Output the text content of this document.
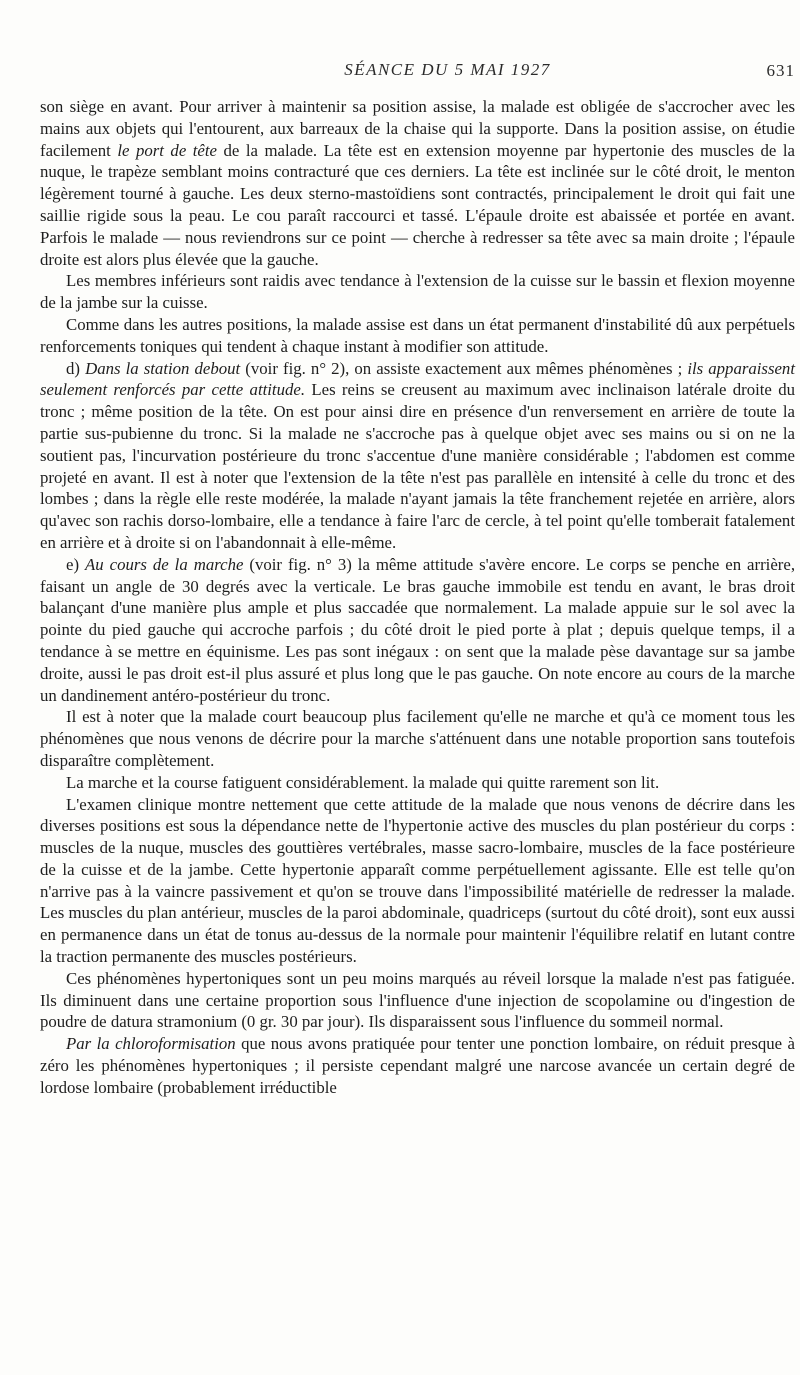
SÉANCE DU 5 MAI 1927	631

son siège en avant. Pour arriver à maintenir sa position assise, la malade est obligée de s'accrocher avec les mains aux objets qui l'entourent, aux barreaux de la chaise qui la supporte. Dans la position assise, on étudie facilement le port de tête de la malade. La tête est en extension moyenne par hypertonie des muscles de la nuque, le trapèze semblant moins contracturé que ces derniers. La tête est inclinée sur le côté droit, le menton légèrement tourné à gauche. Les deux sterno-mastoïdiens sont contractés, principalement le droit qui fait une saillie rigide sous la peau. Le cou paraît raccourci et tassé. L'épaule droite est abaissée et portée en avant. Parfois le malade — nous reviendrons sur ce point — cherche à redresser sa tête avec sa main droite ; l'épaule droite est alors plus élevée que la gauche.

Les membres inférieurs sont raidis avec tendance à l'extension de la cuisse sur le bassin et flexion moyenne de la jambe sur la cuisse.

Comme dans les autres positions, la malade assise est dans un état permanent d'instabilité dû aux perpétuels renforcements toniques qui tendent à chaque instant à modifier son attitude.

d) Dans la station debout (voir fig. n° 2), on assiste exactement aux mêmes phénomènes ; ils apparaissent seulement renforcés par cette attitude. Les reins se creusent au maximum avec inclinaison latérale droite du tronc ; même position de la tête. On est pour ainsi dire en présence d'un renversement en arrière de toute la partie sus-pubienne du tronc. Si la malade ne s'accroche pas à quelque objet avec ses mains ou si on ne la soutient pas, l'incurvation postérieure du tronc s'accentue d'une manière considérable ; l'abdomen est comme projeté en avant. Il est à noter que l'extension de la tête n'est pas parallèle en intensité à celle du tronc et des lombes ; dans la règle elle reste modérée, la malade n'ayant jamais la tête franchement rejetée en arrière, alors qu'avec son rachis dorso-lombaire, elle a tendance à faire l'arc de cercle, à tel point qu'elle tomberait fatalement en arrière et à droite si on l'abandonnait à elle-même.

e) Au cours de la marche (voir fig. n° 3) la même attitude s'avère encore. Le corps se penche en arrière, faisant un angle de 30 degrés avec la verticale. Le bras gauche immobile est tendu en avant, le bras droit balançant d'une manière plus ample et plus saccadée que normalement. La malade appuie sur le sol avec la pointe du pied gauche qui accroche parfois ; du côté droit le pied porte à plat ; depuis quelque temps, il a tendance à se mettre en équinisme. Les pas sont inégaux : on sent que la malade pèse davantage sur sa jambe droite, aussi le pas droit est-il plus assuré et plus long que le pas gauche. On note encore au cours de la marche un dandinement antéro-postérieur du tronc.

Il est à noter que la malade court beaucoup plus facilement qu'elle ne marche et qu'à ce moment tous les phénomènes que nous venons de décrire pour la marche s'atténuent dans une notable proportion sans toutefois disparaître complètement.

La marche et la course fatiguent considérablement. la malade qui quitte rarement son lit.

L'examen clinique montre nettement que cette attitude de la malade que nous venons de décrire dans les diverses positions est sous la dépendance nette de l'hypertonie active des muscles du plan postérieur du corps : muscles de la nuque, muscles des gouttières vertébrales, masse sacro-lombaire, muscles de la face postérieure de la cuisse et de la jambe. Cette hypertonie apparaît comme perpétuellement agissante. Elle est telle qu'on n'arrive pas à la vaincre passivement et qu'on se trouve dans l'impossibilité matérielle de redresser la malade. Les muscles du plan antérieur, muscles de la paroi abdominale, quadriceps (surtout du côté droit), sont eux aussi en permanence dans un état de tonus au-dessus de la normale pour maintenir l'équilibre relatif en lutant contre la traction permanente des muscles postérieurs.

Ces phénomènes hypertoniques sont un peu moins marqués au réveil lorsque la malade n'est pas fatiguée. Ils diminuent dans une certaine proportion sous l'influence d'une injection de scopolamine ou d'ingestion de poudre de datura stramonium (0 gr. 30 par jour). Ils disparaissent sous l'influence du sommeil normal.

Par la chloroformisation que nous avons pratiquée pour tenter une ponction lombaire, on réduit presque à zéro les phénomènes hypertoniques ; il persiste cependant malgré une narcose avancée un certain degré de lordose lombaire (probablement irréductible
